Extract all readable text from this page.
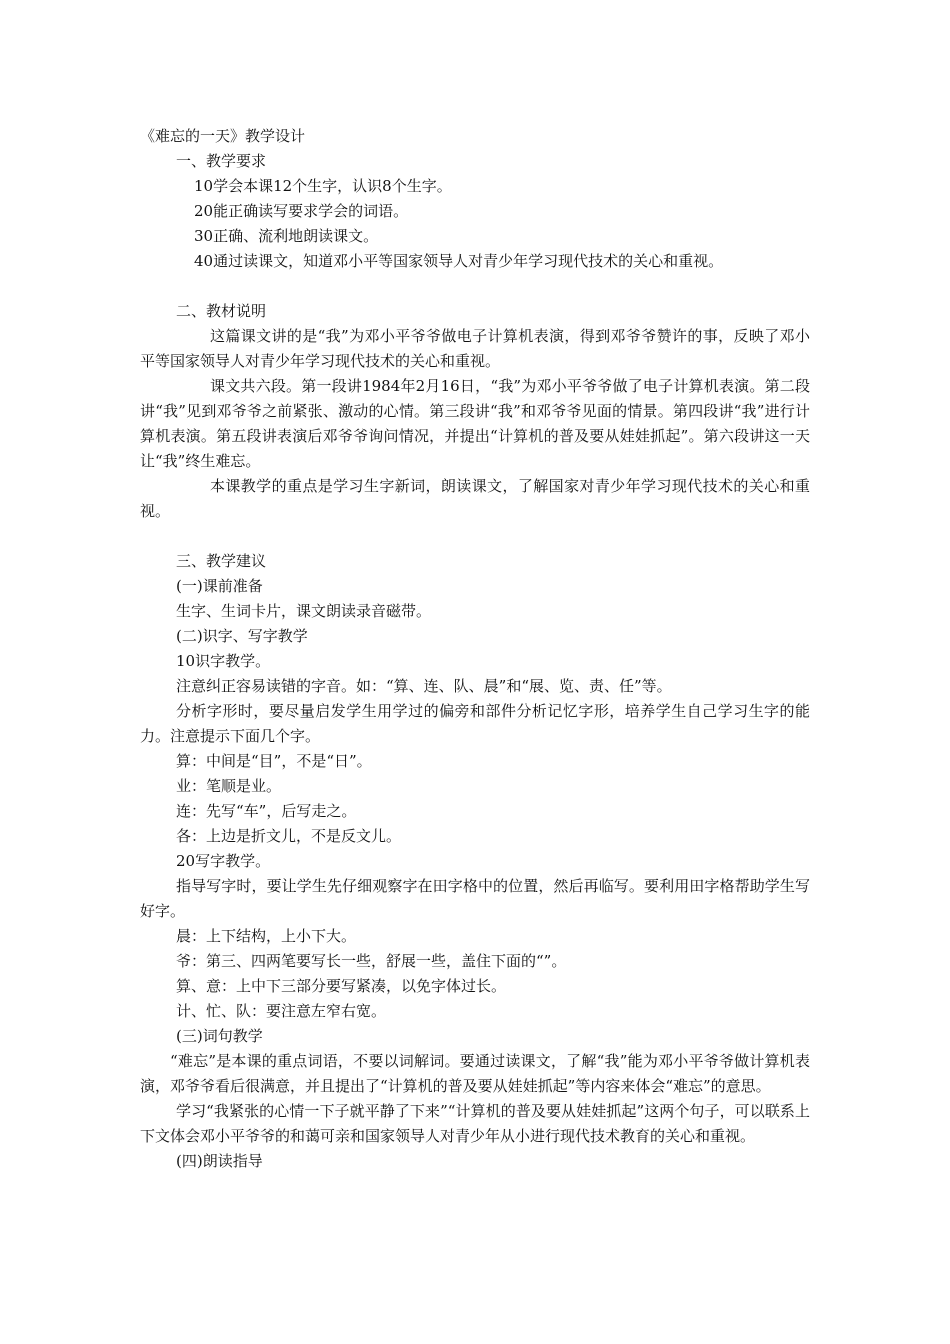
《难忘的一天》教学设计

一、教学要求

10学会本课12个生字，认识8个生字。

20能正确读写要求学会的词语。

30正确、流利地朗读课文。

40通过读课文，知道邓小平等国家领导人对青少年学习现代技术的关心和重视。

二、教材说明

这篇课文讲的是“我”为邓小平爷爷做电子计算机表演，得到邓爷爷赞许的事，反映了邓小平等国家领导人对青少年学习现代技术的关心和重视。

课文共六段。第一段讲1984年2月16日，“我”为邓小平爷爷做了电子计算机表演。第二段讲“我”见到邓爷爷之前紧张、激动的心情。第三段讲“我”和邓爷爷见面的情景。第四段讲“我”进行计算机表演。第五段讲表演后邓爷爷询问情况，并提出“计算机的普及要从娃娃抓起”。第六段讲这一天让“我”终生难忘。

本课教学的重点是学习生字新词，朗读课文，了解国家对青少年学习现代技术的关心和重视。

三、教学建议

(一)课前准备

生字、生词卡片，课文朗读录音磁带。

(二)识字、写字教学

10识字教学。

注意纠正容易读错的字音。如：“算、连、队、晨”和“展、览、责、任”等。

分析字形时，要尽量启发学生用学过的偏旁和部件分析记忆字形，培养学生自己学习生字的能力。注意提示下面几个字。

算：中间是“目”，不是“日”。

业：笔顺是业。

连：先写“车”，后写走之。

各：上边是折文儿，不是反文儿。

20写字教学。

指导写字时，要让学生先仔细观察字在田字格中的位置，然后再临写。要利用田字格帮助学生写好字。

晨：上下结构，上小下大。

爷：第三、四两笔要写长一些，舒展一些，盖住下面的“”。

算、意：上中下三部分要写紧凑，以免字体过长。

计、忙、队：要注意左窄右宽。

(三)词句教学

“难忘”是本课的重点词语，不要以词解词。要通过读课文，了解“我”能为邓小平爷爷做计算机表演，邓爷爷看后很满意，并且提出了“计算机的普及要从娃娃抓起”等内容来体会“难忘”的意思。

学习“我紧张的心情一下子就平静了下来”“计算机的普及要从娃娃抓起”这两个句子，可以联系上下文体会邓小平爷爷的和蔼可亲和国家领导人对青少年从小进行现代技术教育的关心和重视。

(四)朗读指导
